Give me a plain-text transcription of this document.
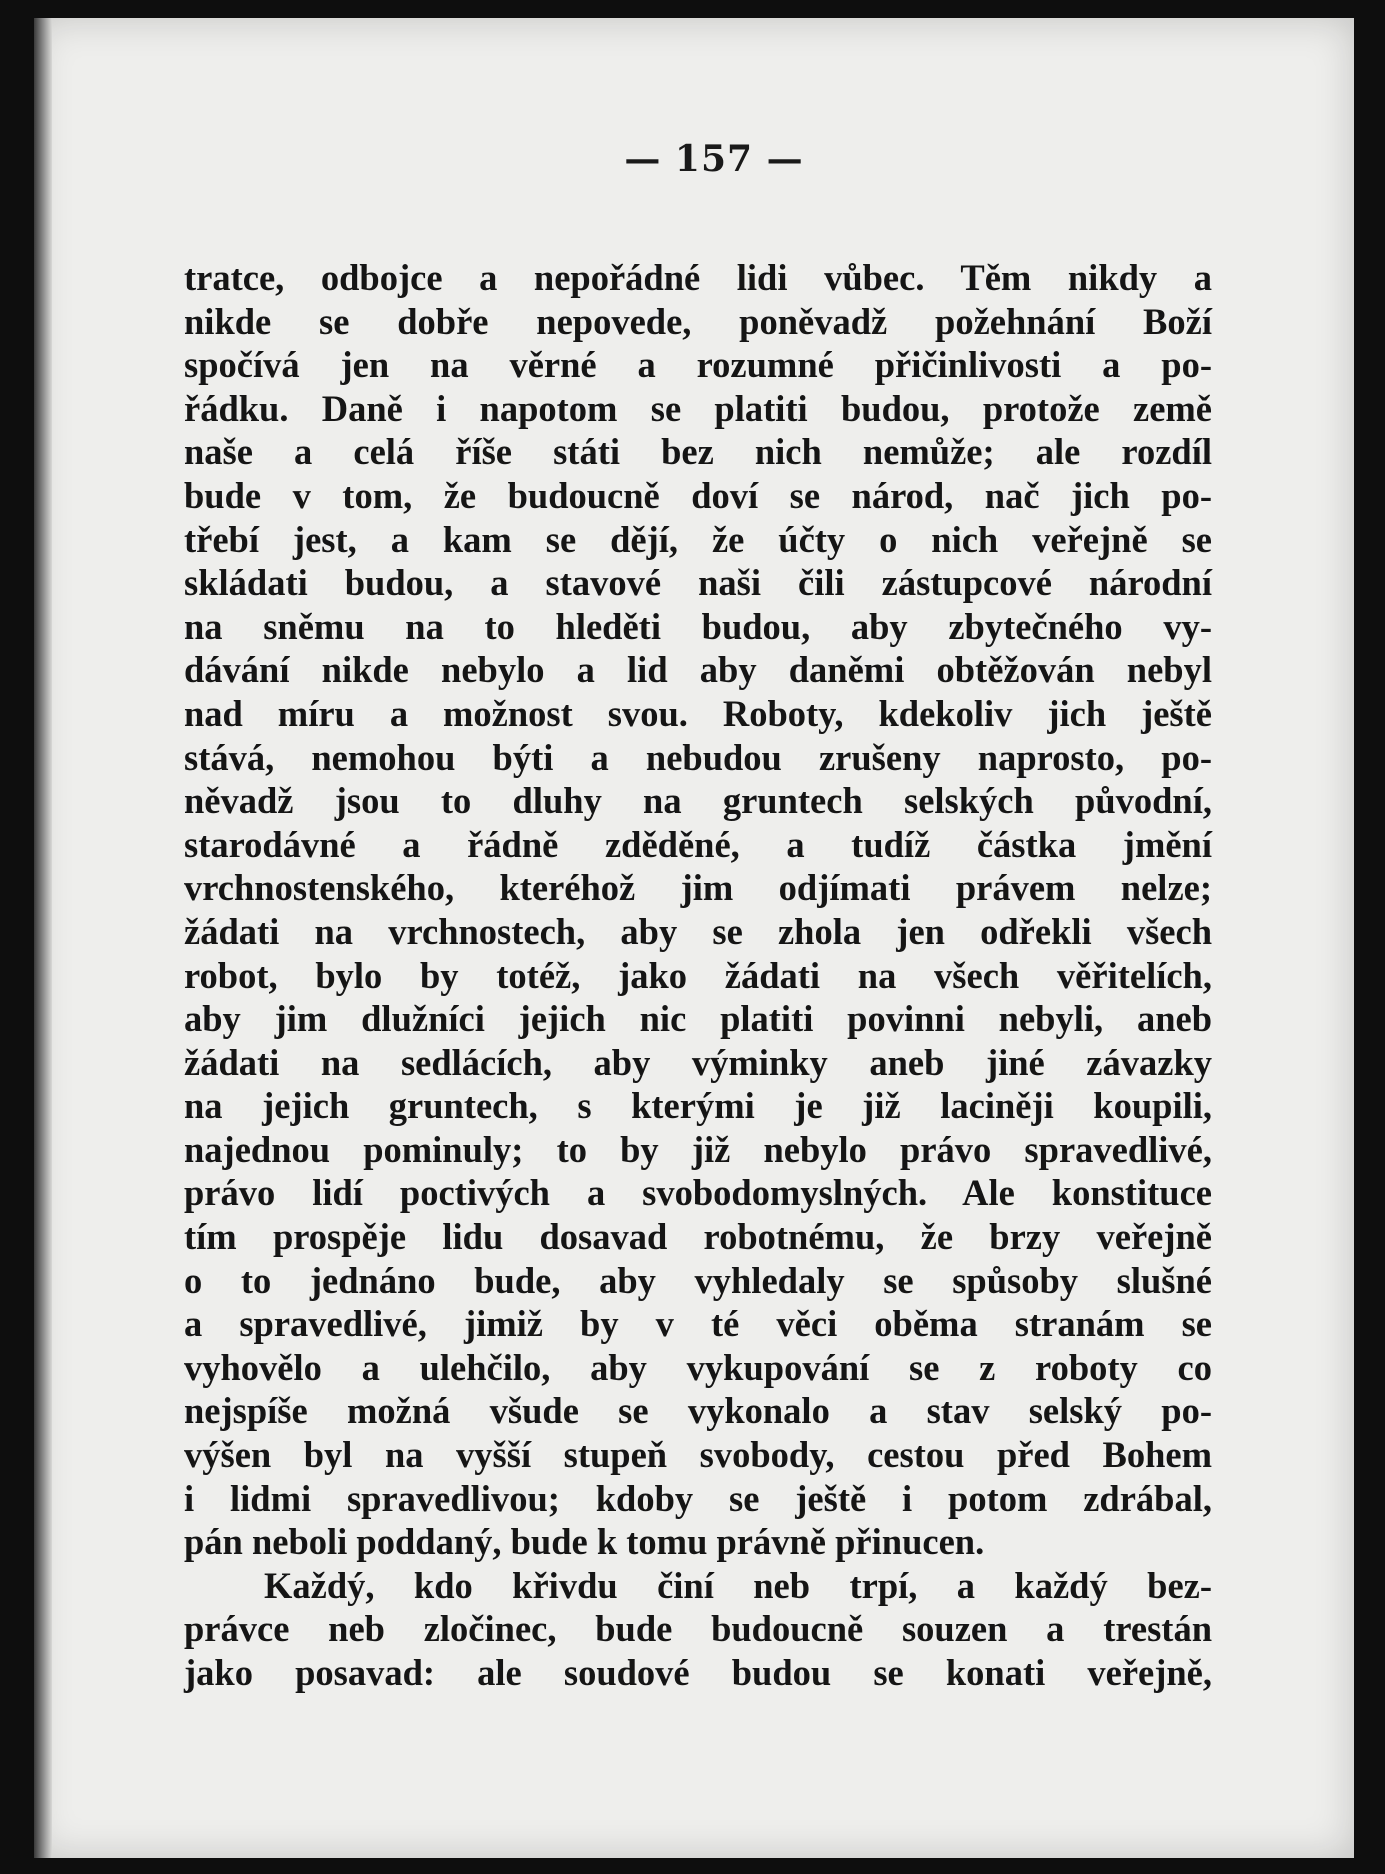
— 157 —
tratce, odbojce a nepořádné lidi vůbec. Těm nikdy a
nikde se dobře nepovede, poněvadž požehnání Boží
spočívá jen na věrné a rozumné přičinlivosti a po-
řádku. Daně i napotom se platiti budou, protože země
naše a celá říše státi bez nich nemůže; ale rozdíl
bude v tom, že budoucně doví se národ, nač jich po-
třebí jest, a kam se dějí, že účty o nich veřejně se
skládati budou, a stavové naši čili zástupcové národní
na sněmu na to hleděti budou, aby zbytečného vy-
dávání nikde nebylo a lid aby daněmi obtěžován nebyl
nad míru a možnost svou. Roboty, kdekoliv jich ještě
stává, nemohou býti a nebudou zrušeny naprosto, po-
něvadž jsou to dluhy na gruntech selských původní,
starodávné a řádně zděděné, a tudíž částka jmění
vrchnostenského, kteréhož jim odjímati právem nelze;
žádati na vrchnostech, aby se zhola jen odřekli všech
robot, bylo by totéž, jako žádati na všech věřitelích,
aby jim dlužníci jejich nic platiti povinni nebyli, aneb
žádati na sedlácích, aby výminky aneb jiné závazky
na jejich gruntech, s kterými je již laciněji koupili,
najednou pominuly; to by již nebylo právo spravedlivé,
právo lidí poctivých a svobodomyslných. Ale konstituce
tím prospěje lidu dosavad robotnému, že brzy veřejně
o to jednáno bude, aby vyhledaly se spůsoby slušné
a spravedlivé, jimiž by v té věci oběma stranám se
vyhovělo a ulehčilo, aby vykupování se z roboty co
nejspíše možná všude se vykonalo a stav selský po-
výšen byl na vyšší stupeň svobody, cestou před Bohem
i lidmi spravedlivou; kdoby se ještě i potom zdrábal,
pán neboli poddaný, bude k tomu právně přinucen.
Každý, kdo křivdu činí neb trpí, a každý bez-
právce neb zločinec, bude budoucně souzen a trestán
jako posavad: ale soudové budou se konati veřejně,
